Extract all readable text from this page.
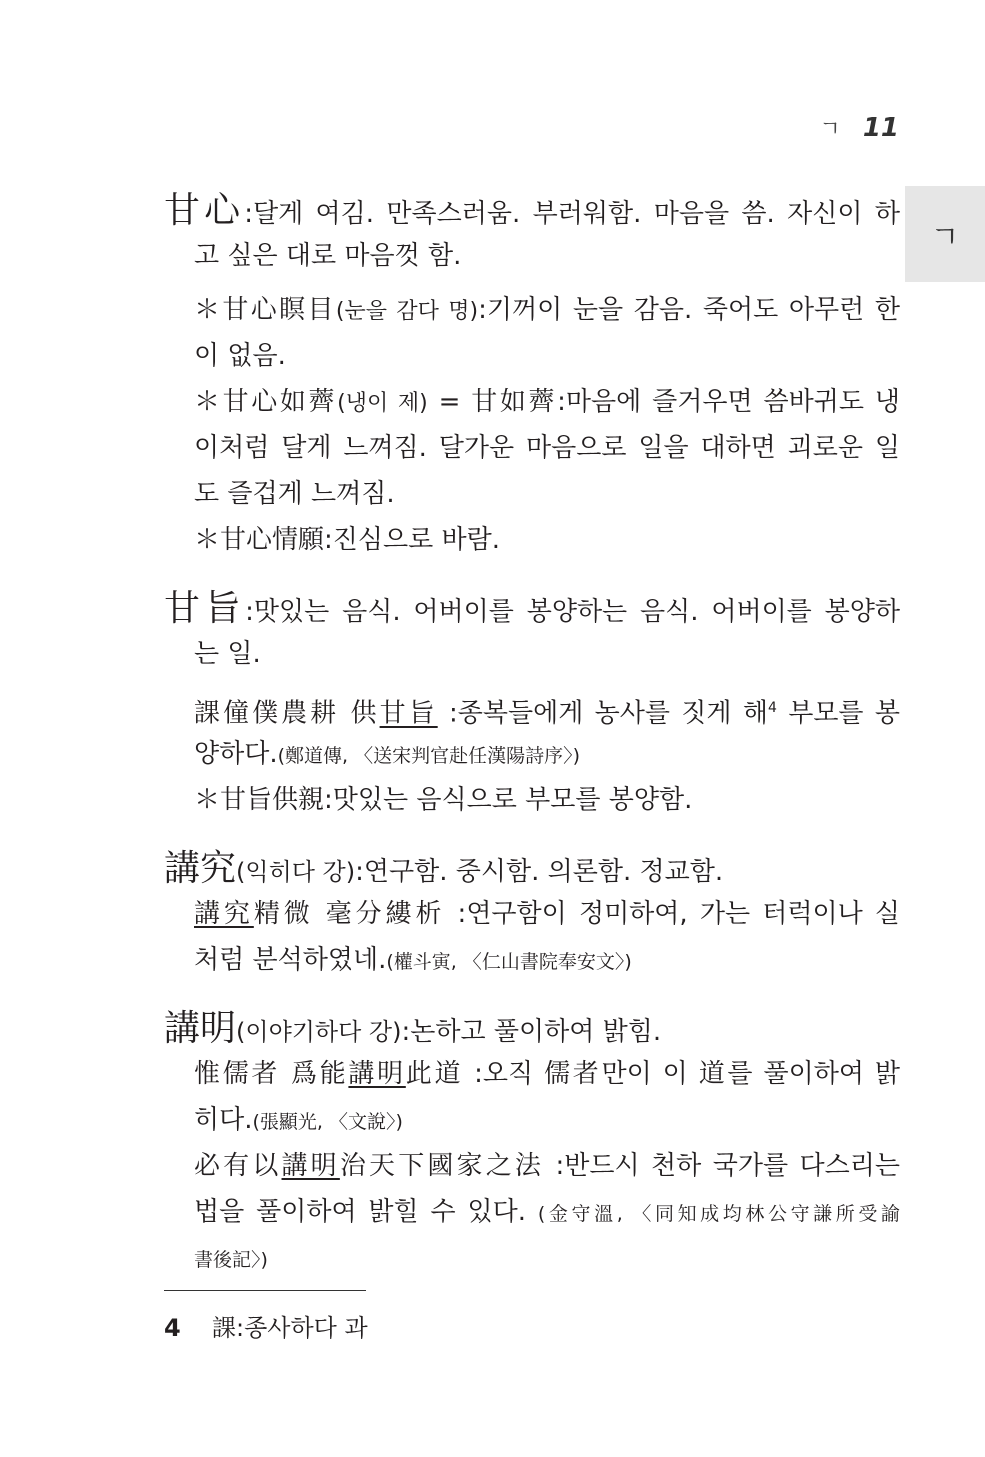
ㄱ 11
ㄱ
甘心:달게 여김. 만족스러움. 부러워함. 마음을 씀. 자신이 하
고 싶은 대로 마음껏 함.
＊甘心瞑目(눈을 감다 명):기꺼이 눈을 감음. 죽어도 아무런 한
이 없음.
＊甘心如薺(냉이 제) = 甘如薺:마음에 즐거우면 씀바귀도 냉
이처럼 달게 느껴짐. 달가운 마음으로 일을 대하면 괴로운 일
도 즐겁게 느껴짐.
＊甘心情願:진심으로 바람.
甘旨:맛있는 음식. 어버이를 봉양하는 음식. 어버이를 봉양하
는 일.
課僮僕農耕 供甘旨 :종복들에게 농사를 짓게 해$^4$ 부모를 봉
양하다.(鄭道傳, 〈送宋判官赴任漢陽詩序〉)
＊甘旨供親:맛있는 음식으로 부모를 봉양함.
講究(익히다 강):연구함. 중시함. 의론함. 정교함.
講究精微 毫分縷析 :연구함이 정미하여, 가는 터럭이나 실
처럼 분석하였네.(權斗寅, 〈仁山書院奉安文〉)
講明(이야기하다 강):논하고 풀이하여 밝힘.
惟儒者 爲能講明此道 :오직 儒者만이 이 道를 풀이하여 밝
히다.(張顯光, 〈文說〉)
必有以講明治天下國家之法 :반드시 천하 국가를 다스리는
법을 풀이하여 밝힐 수 있다. (金守溫, 〈同知成均林公守謙所受諭
書後記〉)
4 課:종사하다 과
